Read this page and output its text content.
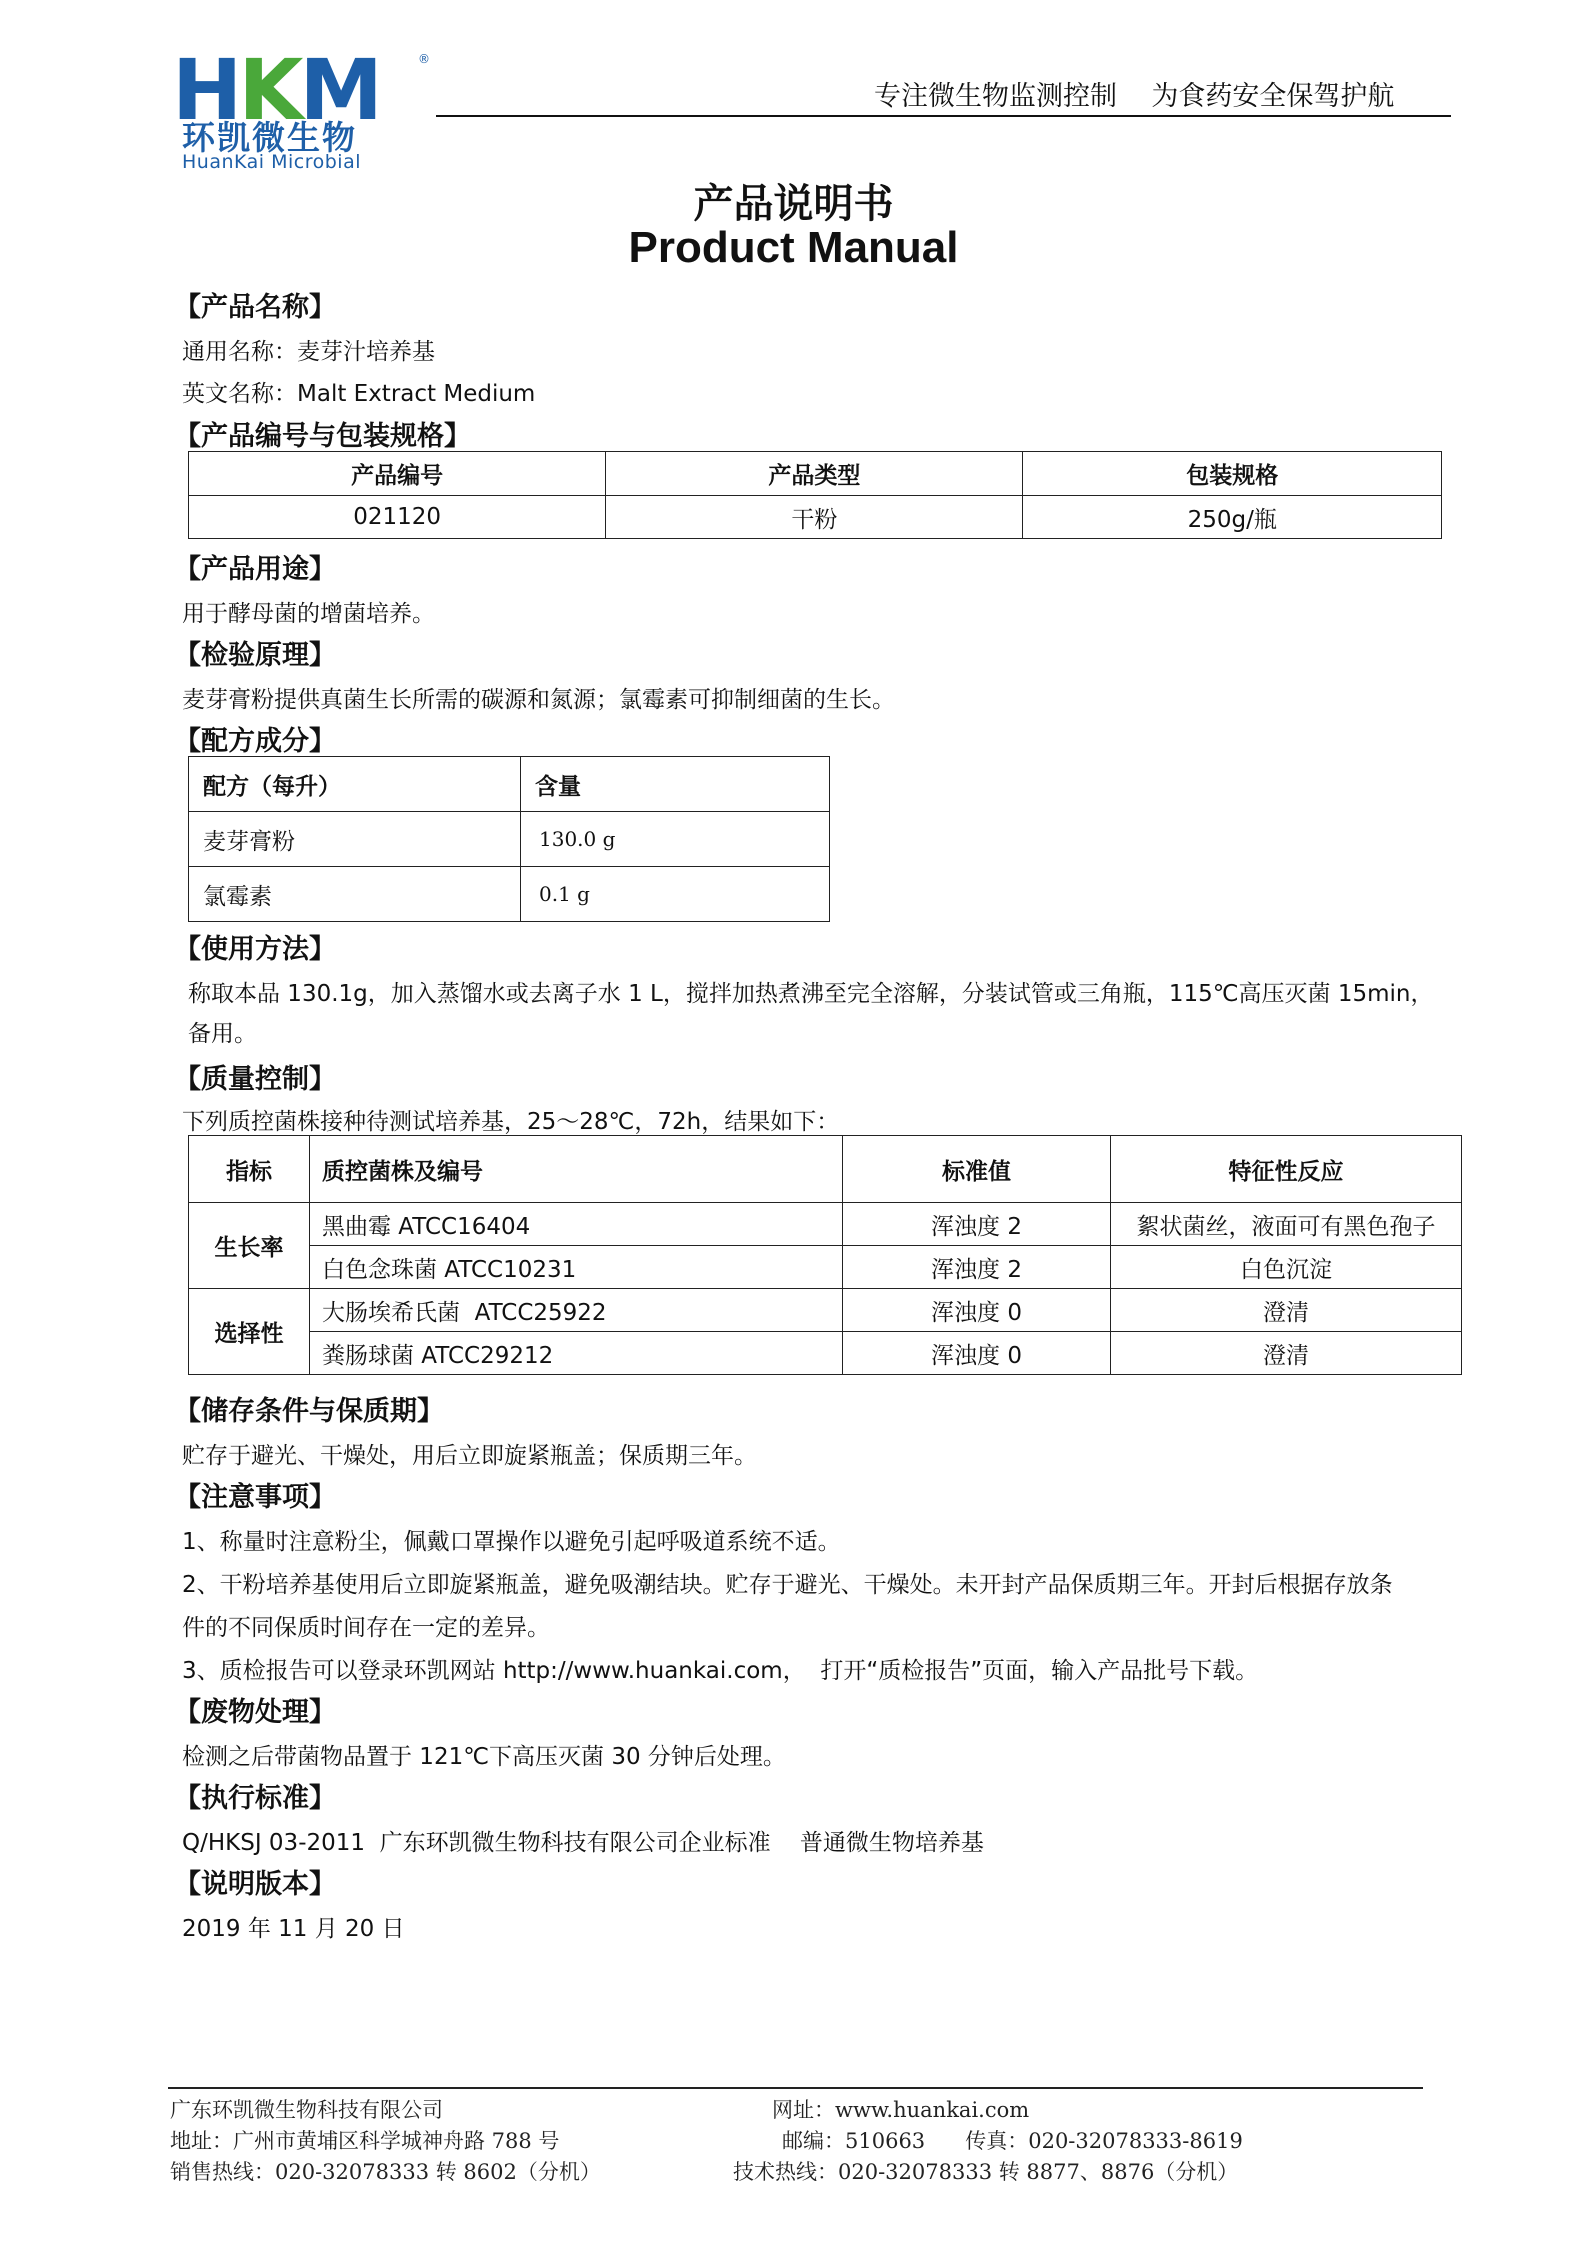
HKM	®
环凯微生物
HuanKai Microbial
专注微生物监测控制    为食药安全保驾护航
产品说明书
Product Manual
【产品名称】
通用名称：麦芽汁培养基
英文名称：Malt Extract Medium
【产品编号与包装规格】
产品编号	产品类型	包装规格
021120	干粉	250g/瓶
【产品用途】
用于酵母菌的增菌培养。
【检验原理】
麦芽膏粉提供真菌生长所需的碳源和氮源；氯霉素可抑制细菌的生长。
【配方成分】
配方（每升）	含量
麦芽膏粉	130.0 g
氯霉素	0.1 g
【使用方法】
称取本品 130.1g，加入蒸馏水或去离子水 1 L，搅拌加热煮沸至完全溶解，分装试管或三角瓶，115℃高压灭菌 15min，
备用。
【质量控制】
下列质控菌株接种待测试培养基，25～28℃，72h，结果如下：
指标	质控菌株及编号	标准值	特征性反应
生长率	黑曲霉 ATCC16404	浑浊度 2	絮状菌丝，液面可有黑色孢子
	白色念珠菌 ATCC10231	浑浊度 2	白色沉淀
选择性	大肠埃希氏菌  ATCC25922	浑浊度 0	澄清
	粪肠球菌 ATCC29212	浑浊度 0	澄清
【储存条件与保质期】
贮存于避光、干燥处，用后立即旋紧瓶盖；保质期三年。
【注意事项】
1、称量时注意粉尘，佩戴口罩操作以避免引起呼吸道系统不适。
2、干粉培养基使用后立即旋紧瓶盖，避免吸潮结块。贮存于避光、干燥处。未开封产品保质期三年。开封后根据存放条
件的不同保质时间存在一定的差异。
3、质检报告可以登录环凯网站 http://www.huankai.com，  打开“质检报告”页面，输入产品批号下载。
【废物处理】
检测之后带菌物品置于 121℃下高压灭菌 30 分钟后处理。
【执行标准】
Q/HKSJ 03-2011  广东环凯微生物科技有限公司企业标准    普通微生物培养基
【说明版本】
2019 年 11 月 20 日
广东环凯微生物科技有限公司
地址：广州市黄埔区科学城神舟路 788 号
销售热线：020-32078333 转 8602（分机）
网址：www.huankai.com
邮编：510663      传真：020-32078333-8619
技术热线：020-32078333 转 8877、8876（分机）
